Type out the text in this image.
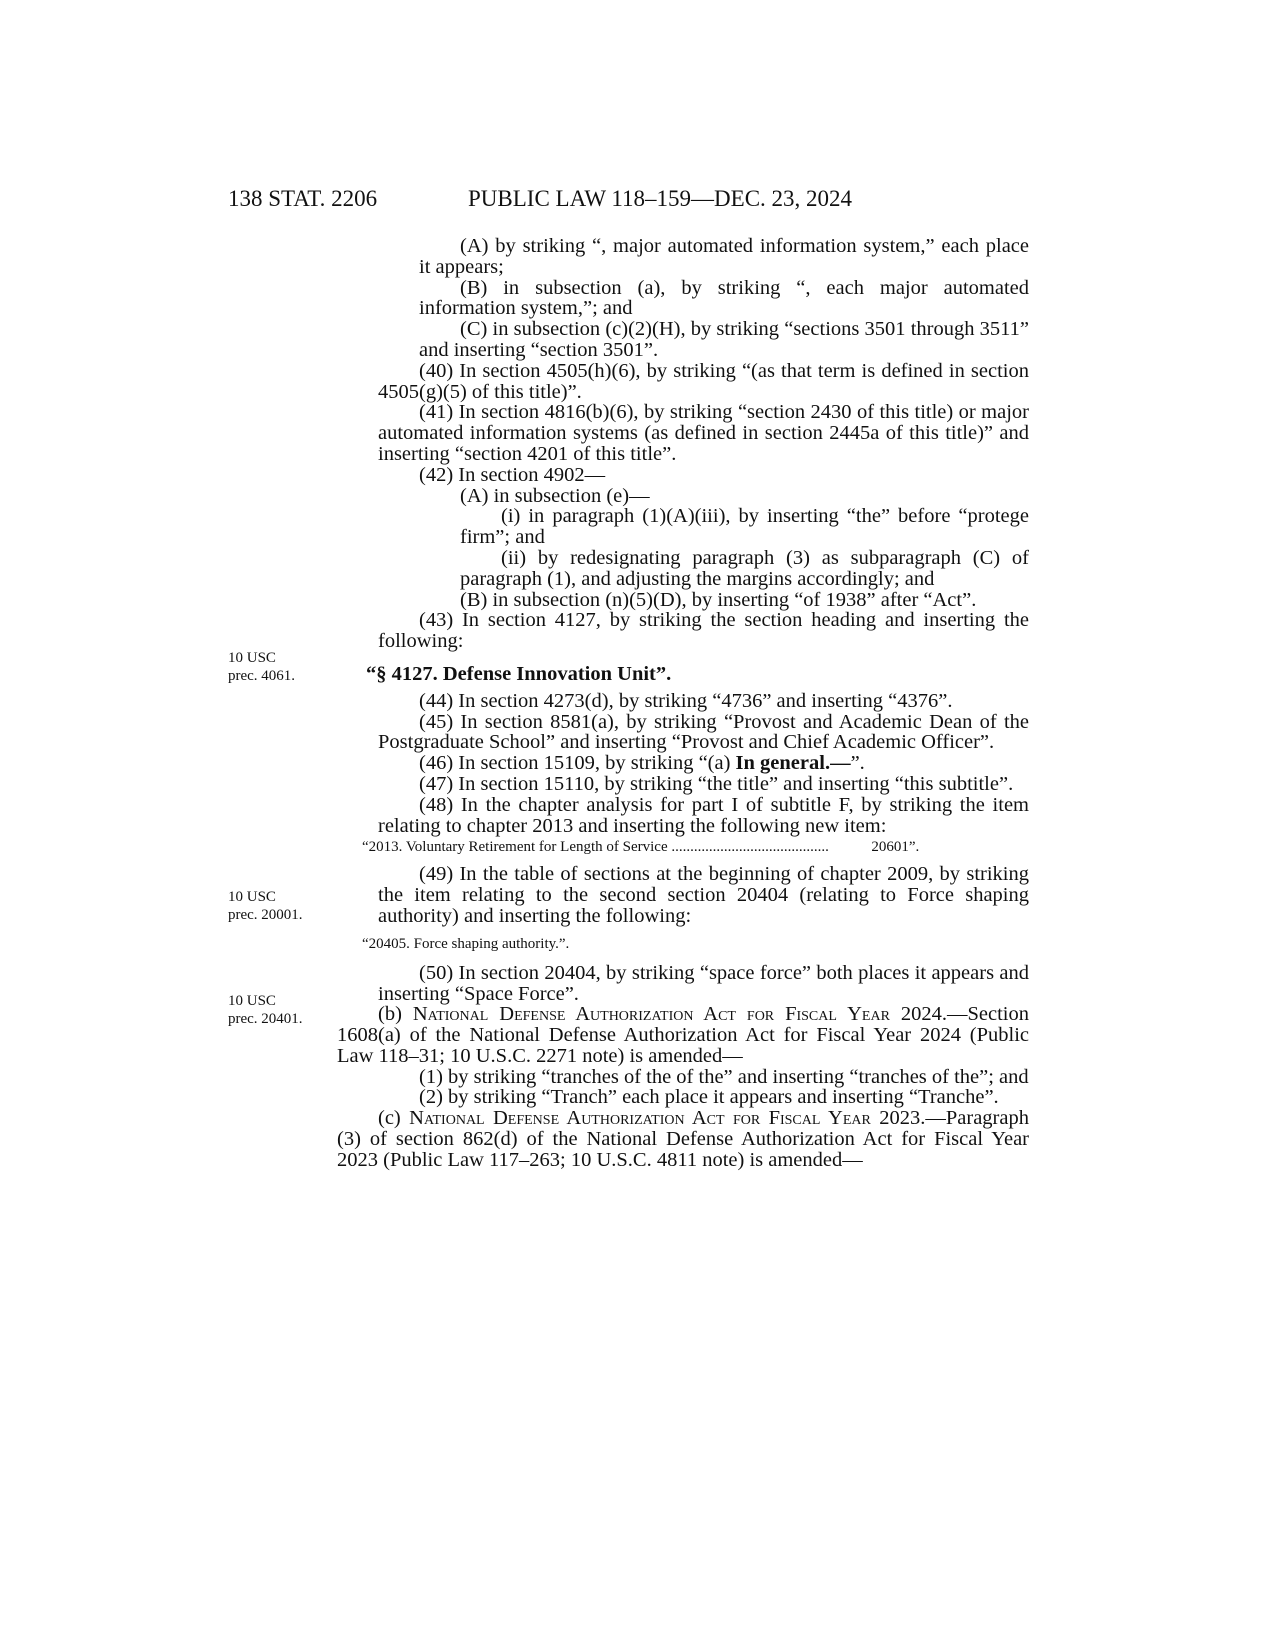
138 STAT. 2206	PUBLIC LAW 118–159—DEC. 23, 2024
10 USC
prec. 4061.
10 USC
prec. 20001.
10 USC
prec. 20401.

(A) by striking “, major automated information system,” each place it appears;

(B) in subsection (a), by striking “, each major automated information system,”; and

(C) in subsection (c)(2)(H), by striking “sections 3501 through 3511” and inserting “section 3501”.

(40) In section 4505(h)(6), by striking “(as that term is defined in section 4505(g)(5) of this title)”.

(41) In section 4816(b)(6), by striking “section 2430 of this title) or major automated information systems (as defined in section 2445a of this title)” and inserting “section 4201 of this title”.

(42) In section 4902—

(A) in subsection (e)—

(i) in paragraph (1)(A)(iii), by inserting “the” before “protege firm”; and

(ii) by redesignating paragraph (3) as subparagraph (C) of paragraph (1), and adjusting the margins accordingly; and

(B) in subsection (n)(5)(D), by inserting “of 1938” after “Act”.

(43) In section 4127, by striking the section heading and inserting the following:

“§ 4127. Defense Innovation Unit”.

(44) In section 4273(d), by striking “4736” and inserting “4376”.

(45) In section 8581(a), by striking “Provost and Academic Dean of the Postgraduate School” and inserting “Provost and Chief Academic Officer”.

(46) In section 15109, by striking “(a) In general.—”.

(47) In section 15110, by striking “the title” and inserting “this subtitle”.

(48) In the chapter analysis for part I of subtitle F, by striking the item relating to chapter 2013 and inserting the following new item:

“2013. Voluntary Retirement for Length of Service ..........................................	20601”.

(49) In the table of sections at the beginning of chapter 2009, by striking the item relating to the second section 20404 (relating to Force shaping authority) and inserting the following:

“20405. Force shaping authority.”.

(50) In section 20404, by striking “space force” both places it appears and inserting “Space Force”.

(b) National Defense Authorization Act for Fiscal Year 2024.—Section 1608(a) of the National Defense Authorization Act for Fiscal Year 2024 (Public Law 118–31; 10 U.S.C. 2271 note) is amended—

(1) by striking “tranches of the of the” and inserting “tranches of the”; and

(2) by striking “Tranch” each place it appears and inserting “Tranche”.

(c) National Defense Authorization Act for Fiscal Year 2023.—Paragraph (3) of section 862(d) of the National Defense Authorization Act for Fiscal Year 2023 (Public Law 117–263; 10 U.S.C. 4811 note) is amended—
